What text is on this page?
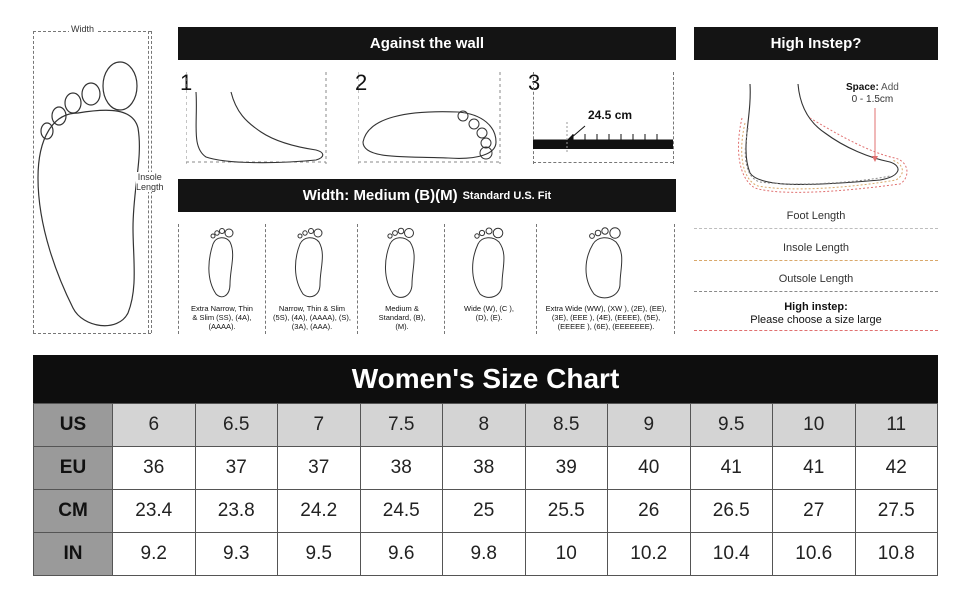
Width
Insole
Length
Against the wall
1	2	3
24.5 cm
Width: Medium (B)(M) Standard U.S. Fit
Extra Narrow, Thin & Slim (SS), (4A), (AAAA).
Narrow, Thin & Slim (5S), (4A), (AAAA), (S), (3A), (AAA).
Medium & Standard, (B), (M).
Wide (W), (C ), (D), (E).
Extra Wide (WW), (XW ), (2E), (EE), (3E), (EEE ), (4E), (EEEE), (5E), (EEEEE ), (6E), (EEEEEEE).
High Instep?
Space: Add
0 - 1.5cm
Foot Length
Insole Length
Outsole Length
High instep:
Please choose a size large
Women's Size Chart
US	6	6.5	7	7.5	8	8.5	9	9.5	10	11
EU	36	37	37	38	38	39	40	41	41	42
CM	23.4	23.8	24.2	24.5	25	25.5	26	26.5	27	27.5
IN	9.2	9.3	9.5	9.6	9.8	10	10.2	10.4	10.6	10.8
